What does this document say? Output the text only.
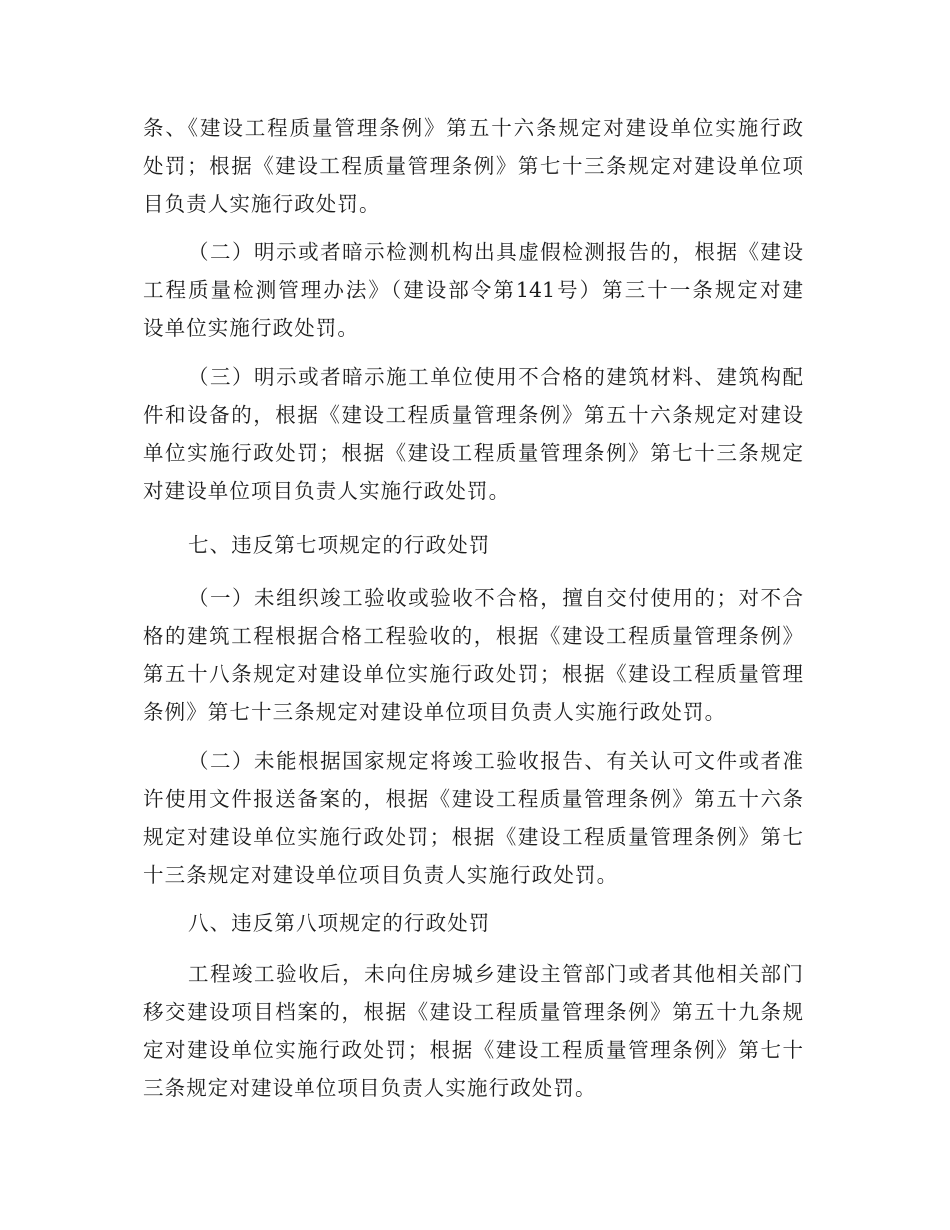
条、《建设工程质量管理条例》第五十六条规定对建设单位实施行政

处罚；根据《建设工程质量管理条例》第七十三条规定对建设单位项

目负责人实施行政处罚。

（二）明示或者暗示检测机构出具虚假检测报告的，根据《建设

工程质量检测管理办法》（建设部令第141号）第三十一条规定对建

设单位实施行政处罚。

（三）明示或者暗示施工单位使用不合格的建筑材料、建筑构配

件和设备的，根据《建设工程质量管理条例》第五十六条规定对建设

单位实施行政处罚；根据《建设工程质量管理条例》第七十三条规定

对建设单位项目负责人实施行政处罚。

七、违反第七项规定的行政处罚

（一）未组织竣工验收或验收不合格，擅自交付使用的；对不合

格的建筑工程根据合格工程验收的，根据《建设工程质量管理条例》

第五十八条规定对建设单位实施行政处罚；根据《建设工程质量管理

条例》第七十三条规定对建设单位项目负责人实施行政处罚。

（二）未能根据国家规定将竣工验收报告、有关认可文件或者准

许使用文件报送备案的，根据《建设工程质量管理条例》第五十六条

规定对建设单位实施行政处罚；根据《建设工程质量管理条例》第七

十三条规定对建设单位项目负责人实施行政处罚。

八、违反第八项规定的行政处罚

工程竣工验收后，未向住房城乡建设主管部门或者其他相关部门

移交建设项目档案的，根据《建设工程质量管理条例》第五十九条规

定对建设单位实施行政处罚；根据《建设工程质量管理条例》第七十

三条规定对建设单位项目负责人实施行政处罚。
